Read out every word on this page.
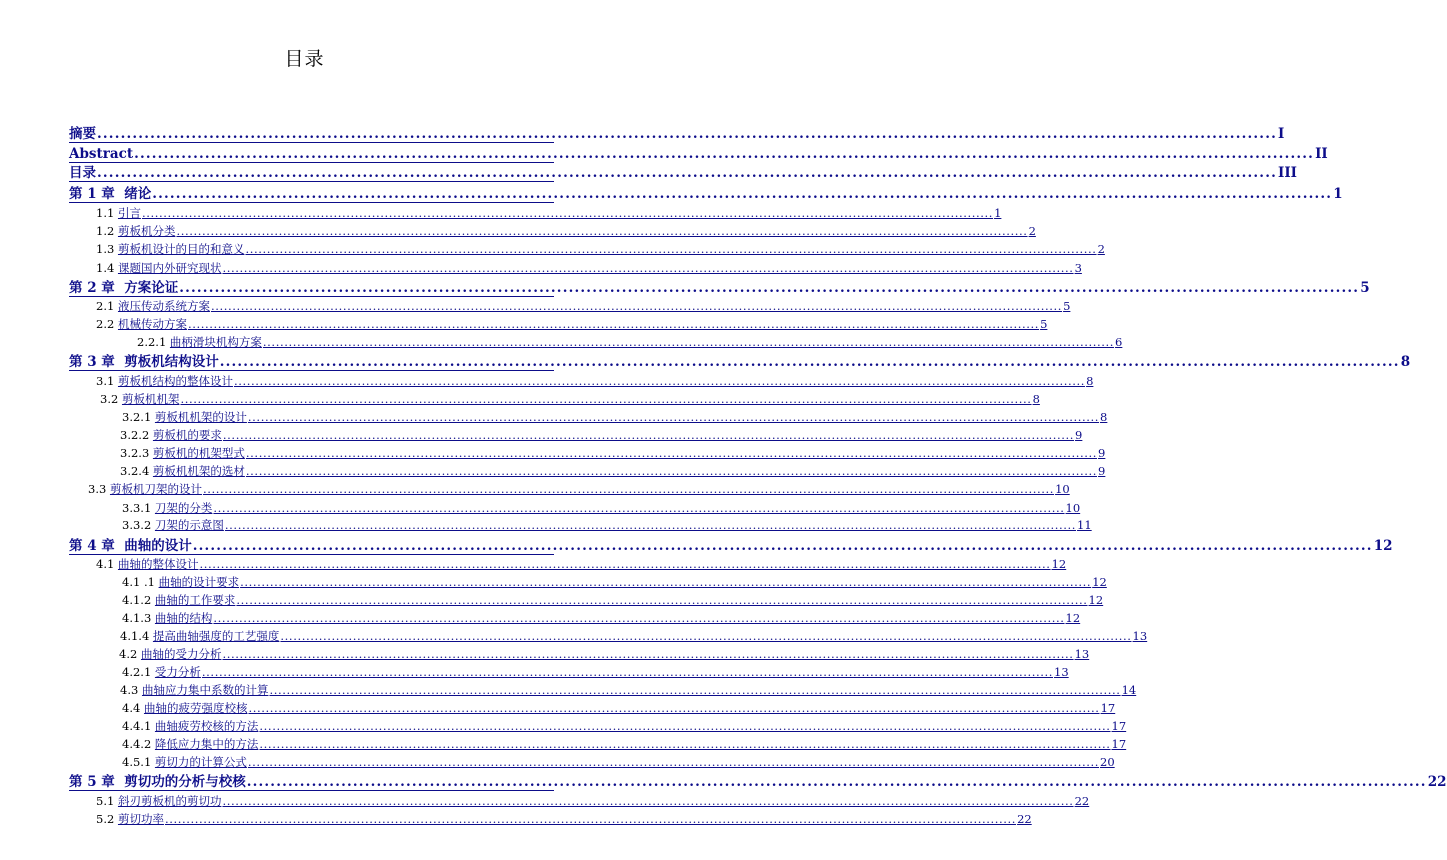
目录
摘要 ........................................................................................................................................................................................................ I
Abstract ........................................................................................................................................................................................................ II
目录 ........................................................................................................................................................................................................ III
第 1 章 绪论 ........................................................................................................................................................................................................ 1
1.1 引言 ........................................................................................................................................................................................................ 1
1.2 剪板机分类 ........................................................................................................................................................................................................ 2
1.3 剪板机设计的目的和意义 ........................................................................................................................................................................................................ 2
1.4 课题国内外研究现状 ........................................................................................................................................................................................................ 3
第 2 章 方案论证 ........................................................................................................................................................................................................ 5
2.1 液压传动系统方案 ........................................................................................................................................................................................................ 5
2.2 机械传动方案 ........................................................................................................................................................................................................ 5
2.2.1 曲柄滑块机构方案 ........................................................................................................................................................................................................ 6
第 3 章 剪板机结构设计 ........................................................................................................................................................................................................ 8
3.1 剪板机结构的整体设计 ........................................................................................................................................................................................................ 8
3.2 剪板机机架 ........................................................................................................................................................................................................ 8
3.2.1 剪板机机架的设计 ........................................................................................................................................................................................................ 8
3.2.2 剪板机的要求 ........................................................................................................................................................................................................ 9
3.2.3 剪板机的机架型式 ........................................................................................................................................................................................................ 9
3.2.4 剪板机机架的选材 ........................................................................................................................................................................................................ 9
3.3 剪板机刀架的设计 ........................................................................................................................................................................................................ 10
3.3.1 刀架的分类 ........................................................................................................................................................................................................ 10
3.3.2 刀架的示意图 ........................................................................................................................................................................................................ 11
第 4 章 曲轴的设计 ........................................................................................................................................................................................................ 12
4.1 曲轴的整体设计 ........................................................................................................................................................................................................ 12
4.1 .1 曲轴的设计要求 ........................................................................................................................................................................................................ 12
4.1.2 曲轴的工作要求 ........................................................................................................................................................................................................ 12
4.1.3 曲轴的结构 ........................................................................................................................................................................................................ 12
4.1.4 提高曲轴强度的工艺强度 ........................................................................................................................................................................................................ 13
4.2 曲轴的受力分析 ........................................................................................................................................................................................................ 13
4.2.1 受力分析 ........................................................................................................................................................................................................ 13
4.3 曲轴应力集中系数的计算 ........................................................................................................................................................................................................ 14
4.4 曲轴的疲劳强度校核 ........................................................................................................................................................................................................ 17
4.4.1 曲轴疲劳校核的方法 ........................................................................................................................................................................................................ 17
4.4.2 降低应力集中的方法 ........................................................................................................................................................................................................ 17
4.5.1 剪切力的计算公式 ........................................................................................................................................................................................................ 20
第 5 章 剪切功的分析与校核 ........................................................................................................................................................................................................ 22
5.1 斜刃剪板机的剪切功 ........................................................................................................................................................................................................ 22
5.2 剪切功率 ........................................................................................................................................................................................................ 22
